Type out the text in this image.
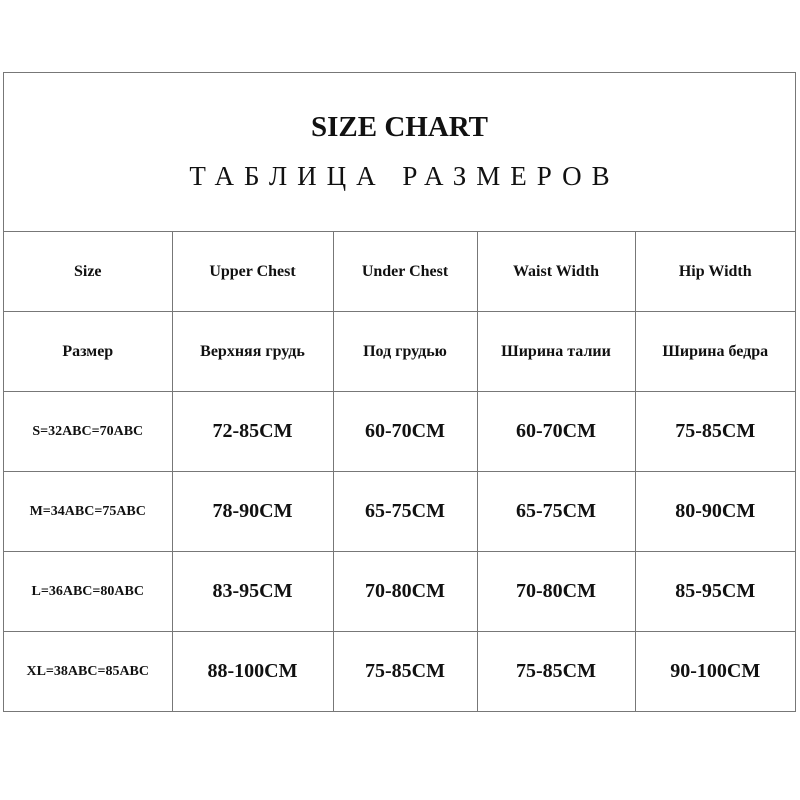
SIZE CHART
ТАБЛИЦА РАЗМЕРОВ
Size	Upper Chest	Under Chest	Waist Width	Hip Width
Размер	Верхняя грудь	Под грудью	Ширина талии	Ширина бедра
S=32ABC=70ABC	72-85CM	60-70CM	60-70CM	75-85CM
M=34ABC=75ABC	78-90CM	65-75CM	65-75CM	80-90CM
L=36ABC=80ABC	83-95CM	70-80CM	70-80CM	85-95CM
XL=38ABC=85ABC	88-100CM	75-85CM	75-85CM	90-100CM
